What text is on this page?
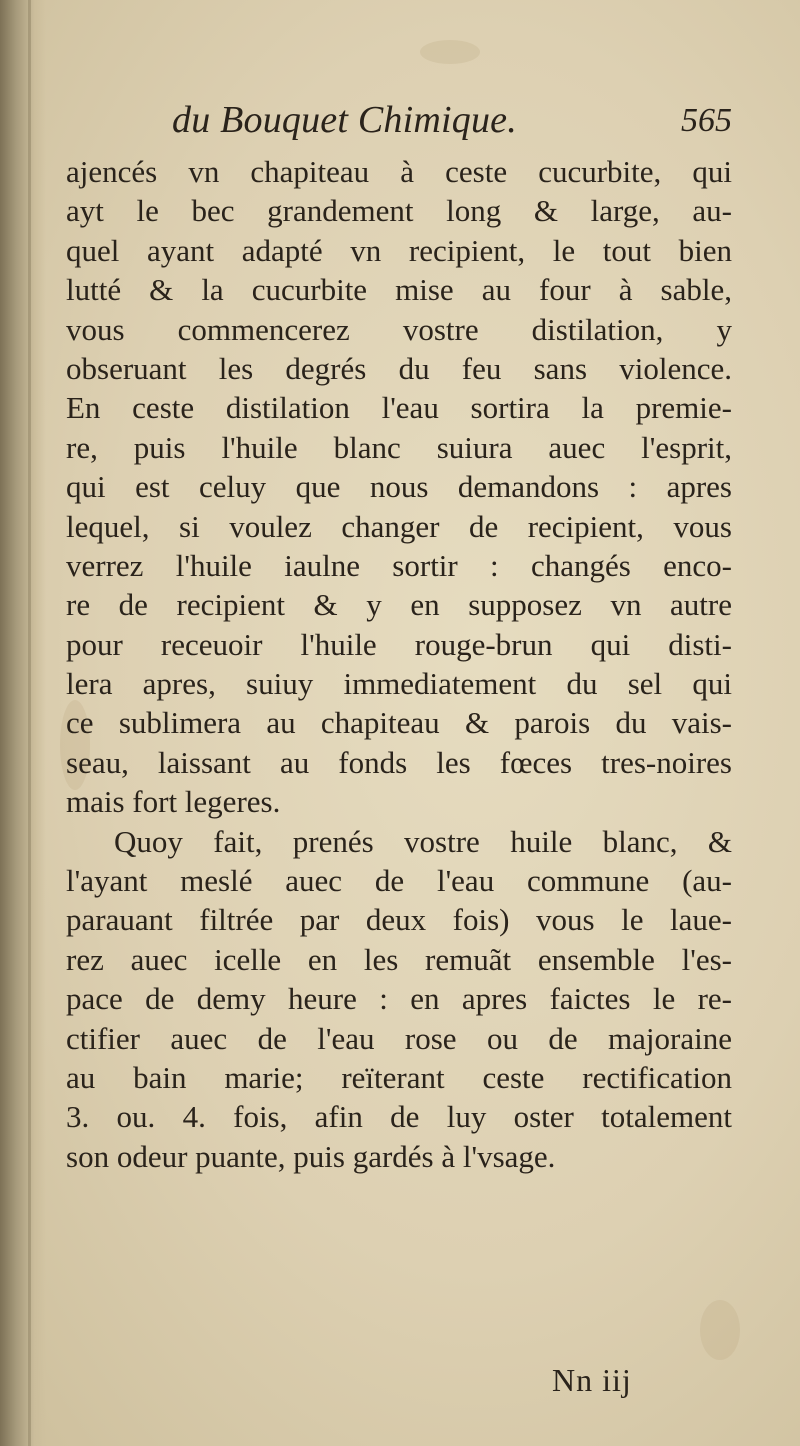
du Bouquet Chimique.	565
ajencés vn chapiteau à ceste cucurbite, qui
ayt le bec grandement long & large, au-
quel ayant adapté vn recipient, le tout bien
lutté & la cucurbite mise au four à sable,
vous commencerez vostre distilation, y
obseruant les degrés du feu sans violence.
En ceste distilation l'eau sortira la premie-
re, puis l'huile blanc suiura auec l'esprit,
qui est celuy que nous demandons : apres
lequel, si voulez changer de recipient, vous
verrez l'huile iaulne sortir : changés enco-
re de recipient & y en supposez vn autre
pour receuoir l'huile rouge-brun qui disti-
lera apres, suiuy immediatement du sel qui
ce sublimera au chapiteau & parois du vais-
seau, laissant au fonds les fœces tres-noires
mais fort legeres.
Quoy fait, prenés vostre huile blanc, &
l'ayant meslé auec de l'eau commune (au-
parauant filtrée par deux fois) vous le laue-
rez auec icelle en les remuãt ensemble l'es-
pace de demy heure : en apres faictes le re-
ctifier auec de l'eau rose ou de majoraine
au bain marie; reïterant ceste rectification
3. ou. 4. fois, afin de luy oster totalement
son odeur puante, puis gardés à l'vsage.
Nn iij
